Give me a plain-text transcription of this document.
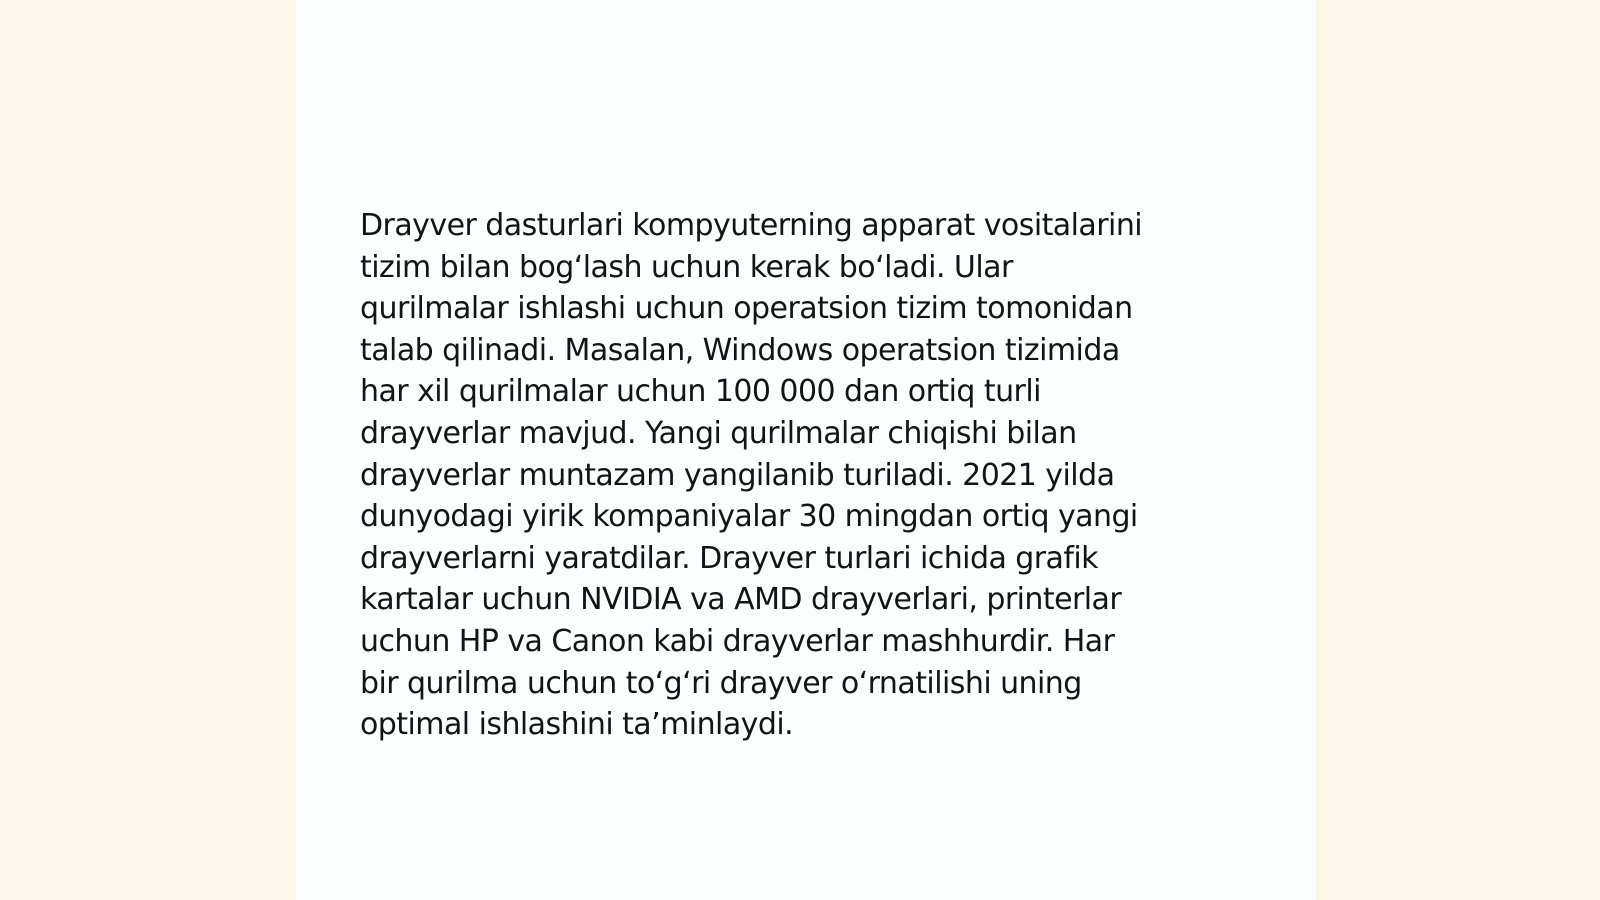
Drayver dasturlari kompyuterning apparat vositalarini
tizim bilan bogʻlash uchun kerak boʻladi. Ular
qurilmalar ishlashi uchun operatsion tizim tomonidan
talab qilinadi. Masalan, Windows operatsion tizimida
har xil qurilmalar uchun 100 000 dan ortiq turli
drayverlar mavjud. Yangi qurilmalar chiqishi bilan
drayverlar muntazam yangilanib turiladi. 2021 yilda
dunyodagi yirik kompaniyalar 30 mingdan ortiq yangi
drayverlarni yaratdilar. Drayver turlari ichida grafik
kartalar uchun NVIDIA va AMD drayverlari, printerlar
uchun HP va Canon kabi drayverlar mashhurdir. Har
bir qurilma uchun toʻgʻri drayver oʻrnatilishi uning
optimal ishlashini taʼminlaydi.
